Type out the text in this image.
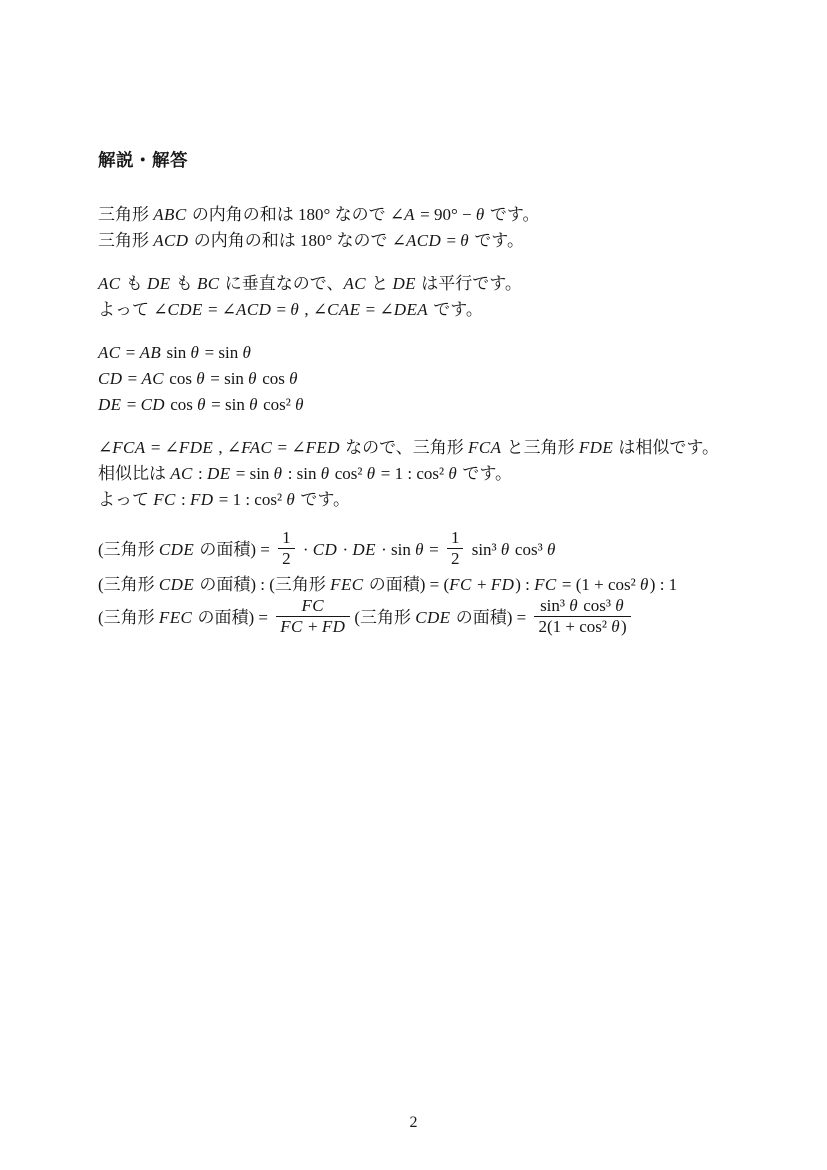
解説・解答
三角形 ABC の内角の和は 180° なので ∠A = 90° − θ です。
三角形 ACD の内角の和は 180° なので ∠ACD = θ です。
AC も DE も BC に垂直なので、AC と DE は平行です。
よって ∠CDE = ∠ACD = θ , ∠CAE = ∠DEA です。
AC = AB sin θ = sin θ
CD = AC cos θ = sin θ cos θ
DE = CD cos θ = sin θ cos² θ
∠FCA = ∠FDE , ∠FAC = ∠FED なので、三角形 FCA と三角形 FDE は相似です。
相似比は AC : DE = sin θ : sin θ cos² θ = 1 : cos² θ です。
よって FC : FD = 1 : cos² θ です。
(三角形 CDE の面積) = $\frac{1}{2}$ · CD · DE · $\sin \theta = \frac{1}{2} \sin^3$ θ cos³ θ
(三角形 CDE の面積) : (三角形 FEC の面積) = (FC + FD) : FC = (1 + cos² θ) : 1
(三角形 FEC の面積) = $\frac{FC}{FC + FD}$ (三角形 CDE の面積) = $\frac{\text{sin³ θ cos³ θ}}{\text{2(1 + cos² θ)}}$
2
